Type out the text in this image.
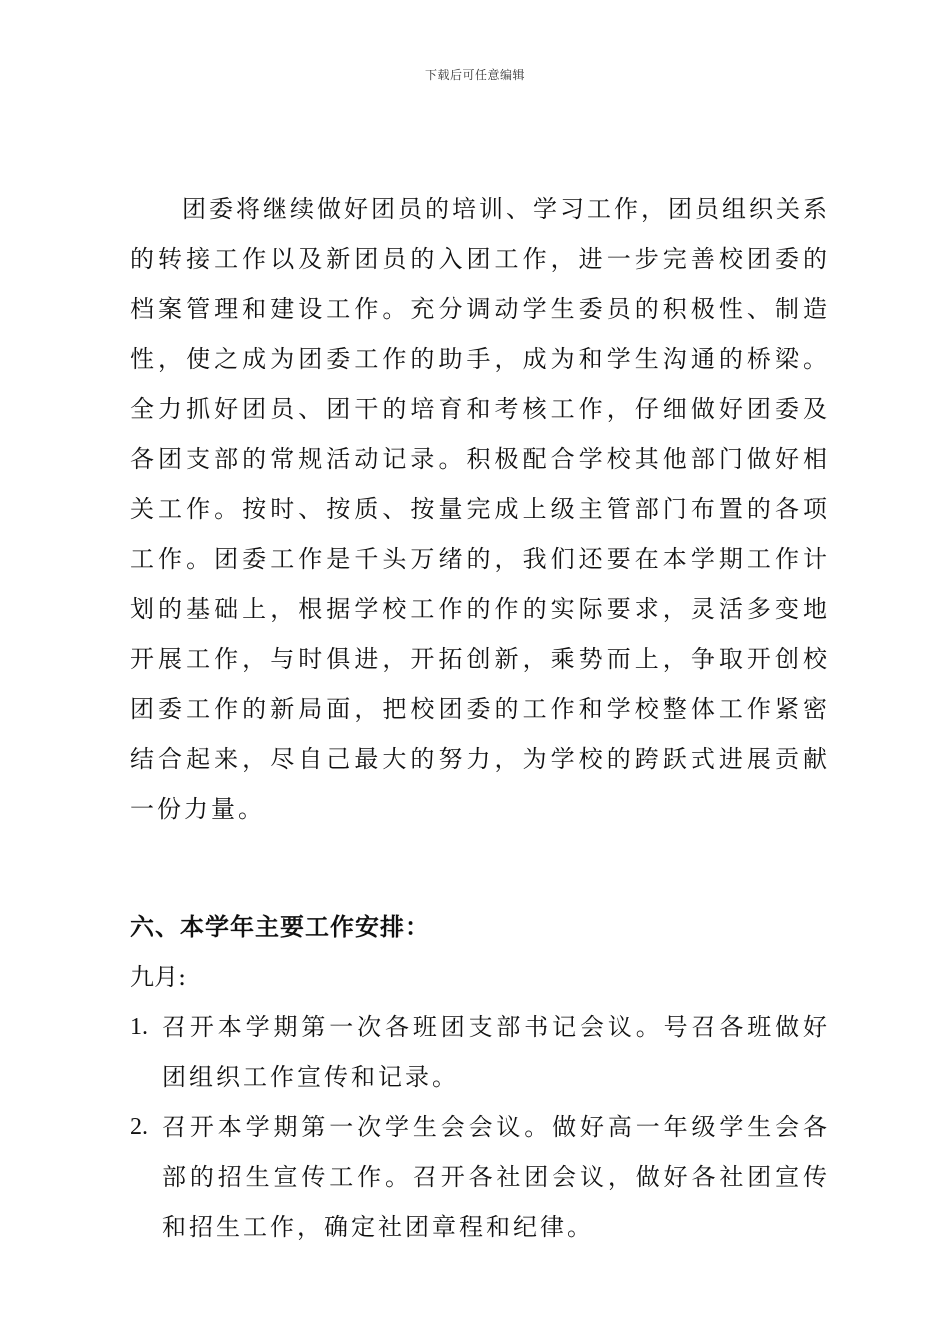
下载后可任意编辑

团委将继续做好团员的培训、学习工作，团员组织关系的转接工作以及新团员的入团工作，进一步完善校团委的档案管理和建设工作。充分调动学生委员的积极性、制造性，使之成为团委工作的助手，成为和学生沟通的桥梁。全力抓好团员、团干的培育和考核工作，仔细做好团委及各团支部的常规活动记录。积极配合学校其他部门做好相关工作。按时、按质、按量完成上级主管部门布置的各项工作。团委工作是千头万绪的，我们还要在本学期工作计划的基础上，根据学校工作的作的实际要求，灵活多变地开展工作，与时俱进，开拓创新，乘势而上，争取开创校团委工作的新局面，把校团委的工作和学校整体工作紧密结合起来，尽自己最大的努力，为学校的跨跃式进展贡献一份力量。

六、本学年主要工作安排：
九月:
1. 召开本学期第一次各班团支部书记会议。号召各班做好团组织工作宣传和记录。
2. 召开本学期第一次学生会会议。做好高一年级学生会各部的招生宣传工作。召开各社团会议，做好各社团宣传和招生工作，确定社团章程和纪律。
